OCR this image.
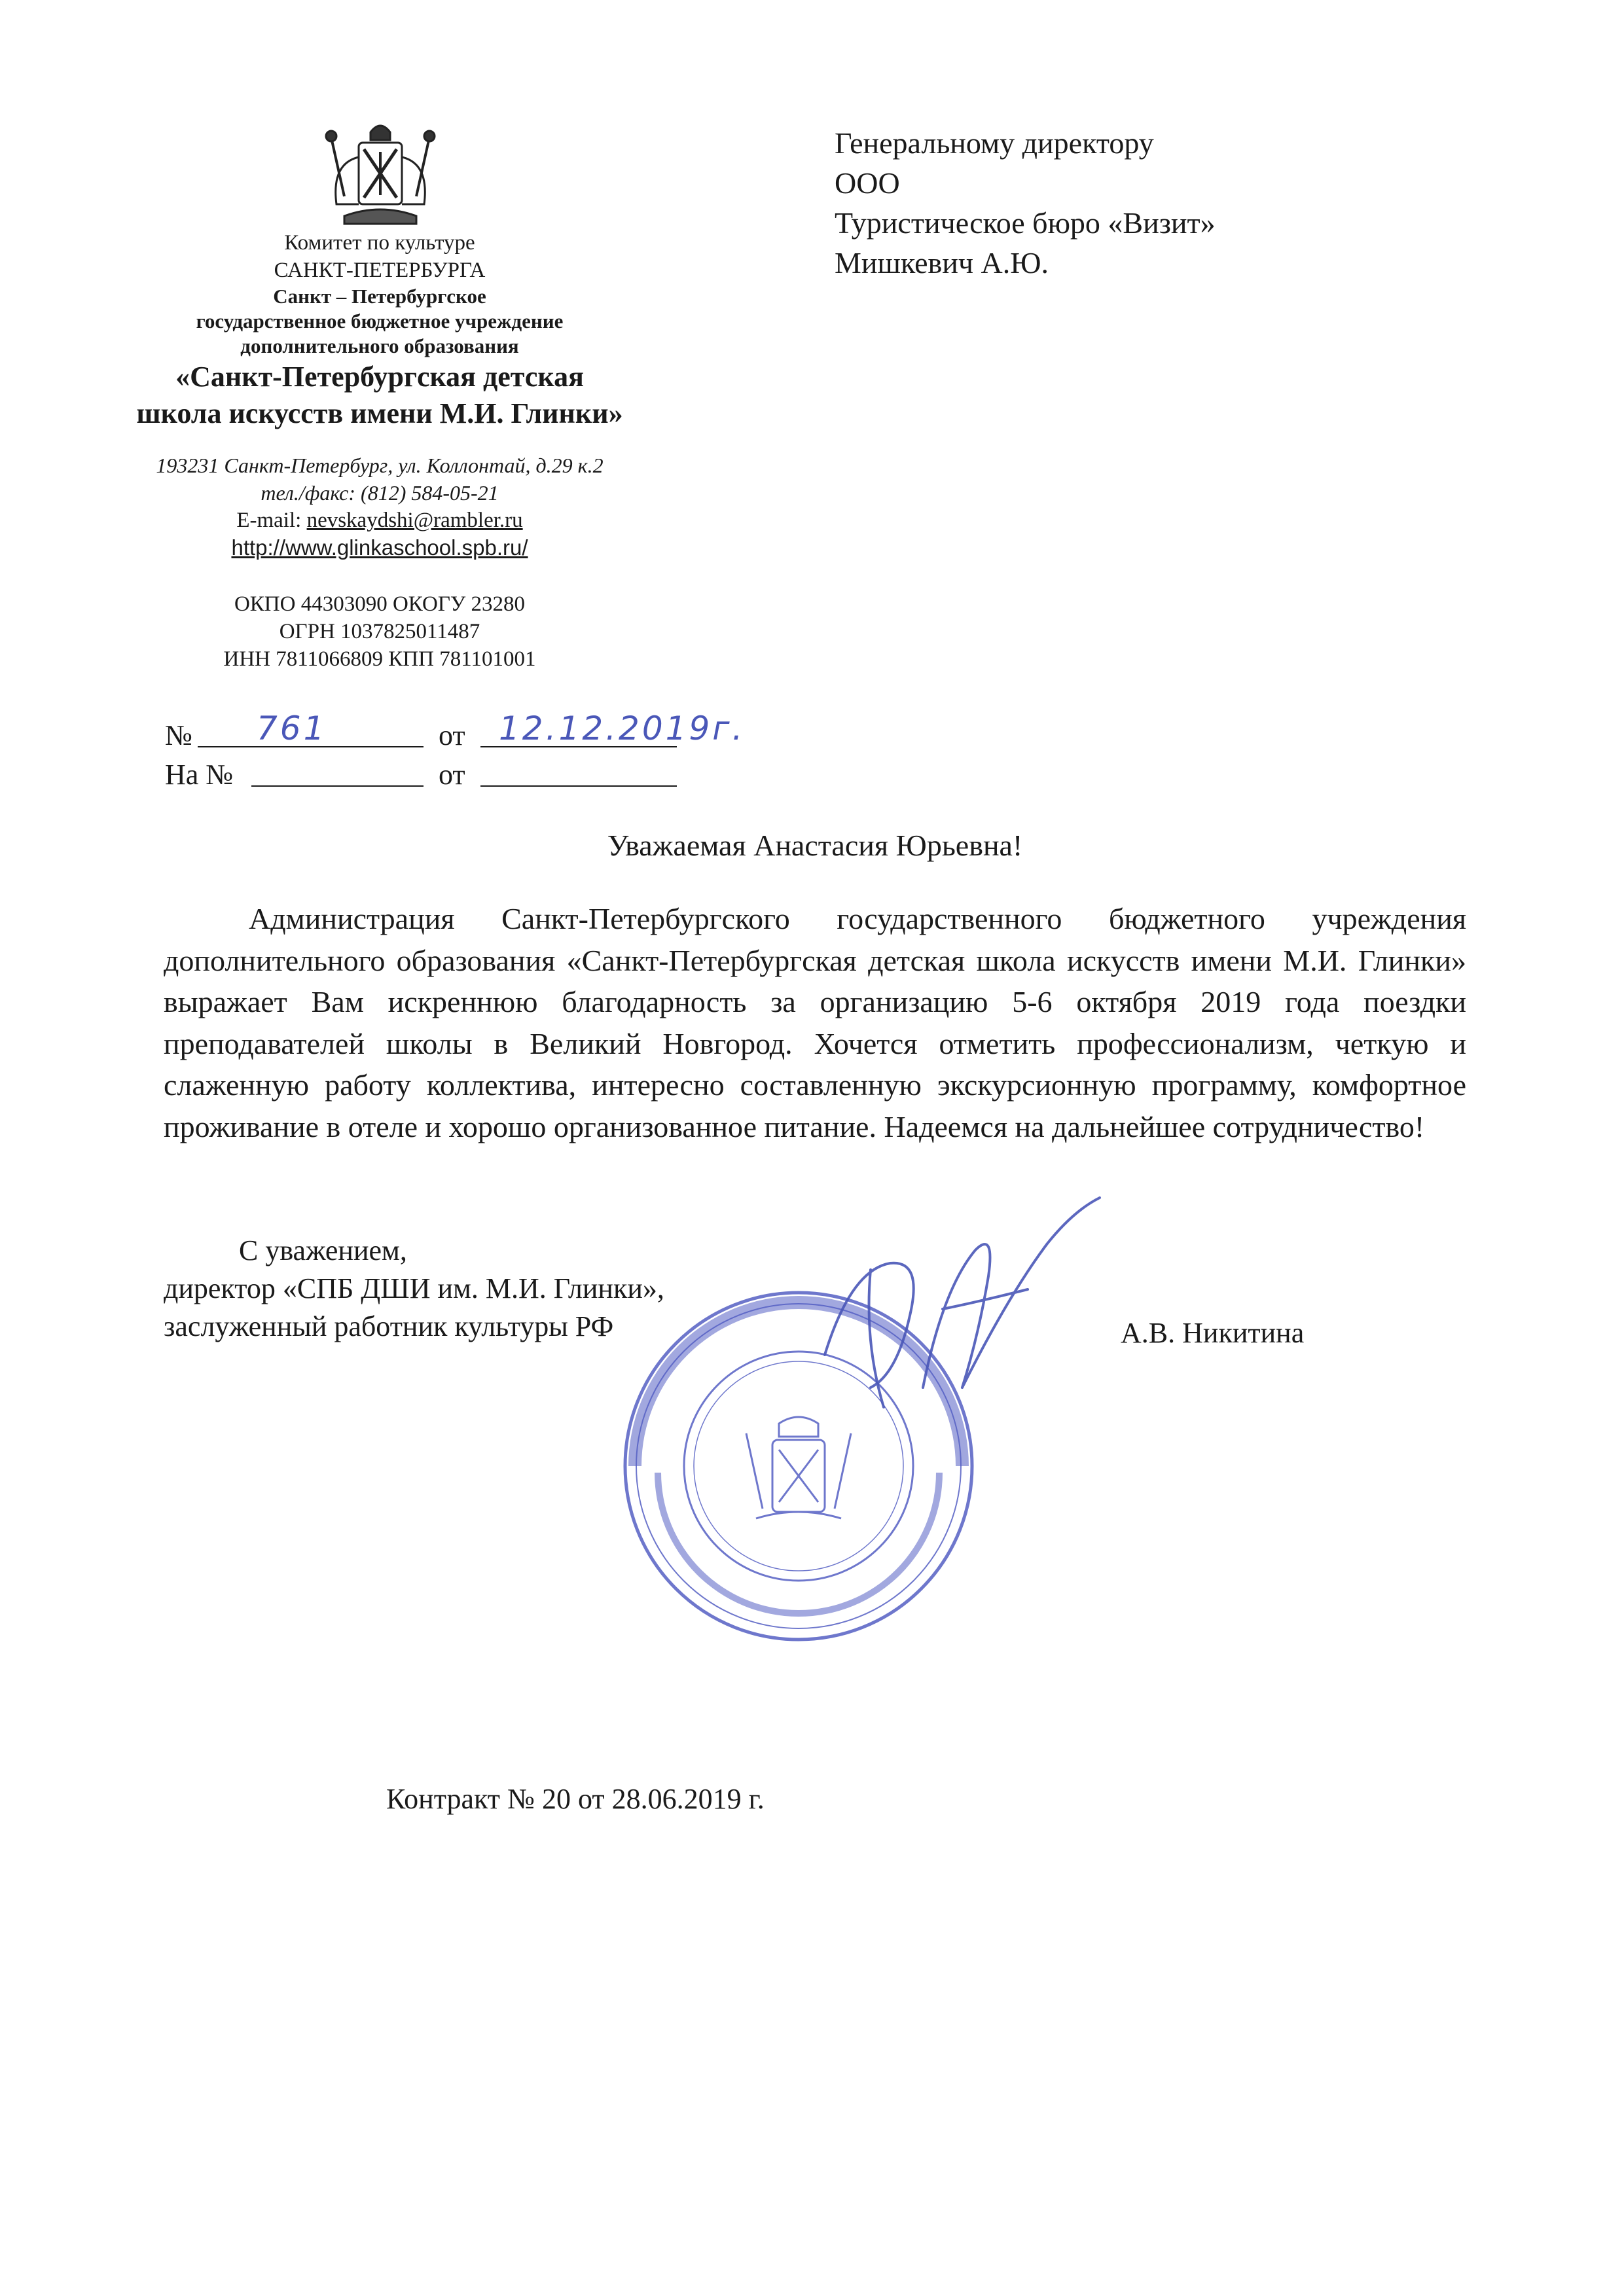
Комитет по культуре
САНКТ-ПЕТЕРБУРГА
Санкт – Петербургское
государственное бюджетное учреждение
дополнительного образования
«Санкт-Петербургская детская
школа искусств имени М.И. Глинки»
193231 Санкт-Петербург, ул. Коллонтай, д.29 к.2
тел./факс: (812) 584-05-21
E-mail: nevskaydshi@rambler.ru
http://www.glinkaschool.spb.ru/
ОКПО 44303090 ОКОГУ 23280
ОГРН 1037825011487
ИНН 7811066809 КПП 781101001
Генеральному директору
ООО
Туристическое бюро «Визит»
Мишкевич А.Ю.
№ 761	от 12.12.2019г.
На №	от
Уважаемая Анастасия Юрьевна!

Администрация Санкт-Петербургского государственного бюджетного учреждения дополнительного образования «Санкт-Петербургская детская школа искусств имени М.И. Глинки» выражает Вам искреннюю благодарность за организацию 5-6 октября 2019 года поездки преподавателей школы в Великий Новгород. Хочется отметить профессионализм, четкую и слаженную работу коллектива, интересно составленную экскурсионную программу, комфортное проживание в отеле и хорошо организованное питание. Надеемся на дальнейшее сотрудничество!

С уважением,
директор «СПБ ДШИ им. М.И. Глинки»,
заслуженный работник культуры РФ	А.В. Никитина
Контракт № 20 от 28.06.2019 г.
